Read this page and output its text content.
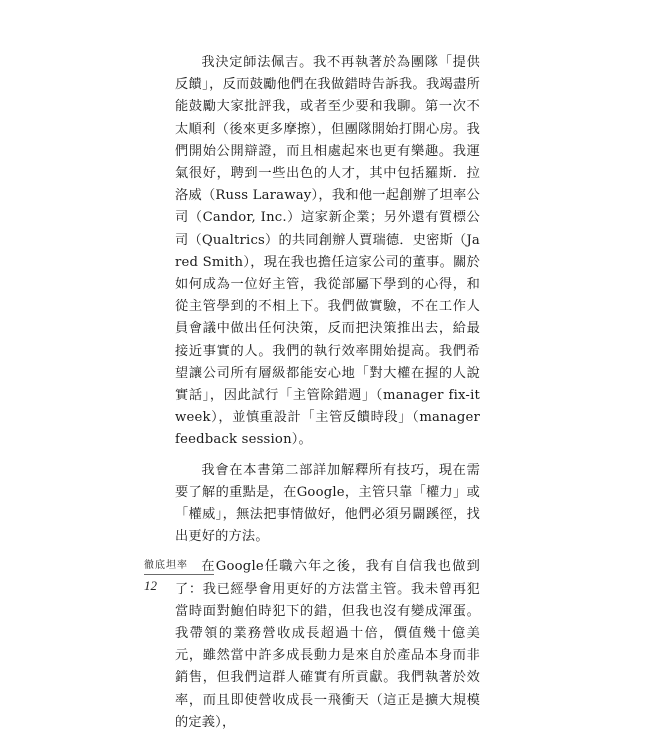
我決定師法佩吉。我不再執著於為團隊「提供反饋」，反而鼓勵他們在我做錯時告訴我。我竭盡所能鼓勵大家批評我，或者至少要和我聊。第一次不太順利（後來更多摩擦），但團隊開始打開心房。我們開始公開辯證，而且相處起來也更有樂趣。我運氣很好，聘到一些出色的人才，其中包括羅斯．拉洛威（Russ Laraway），我和他一起創辦了坦率公司（Candor, Inc.）這家新企業；另外還有質標公司（Qualtrics）的共同創辦人賈瑞德．史密斯（Jared Smith），現在我也擔任這家公司的董事。關於如何成為一位好主管，我從部屬下學到的心得，和從主管學到的不相上下。我們做實驗，不在工作人員會議中做出任何決策，反而把決策推出去，給最接近事實的人。我們的執行效率開始提高。我們希望讓公司所有層級都能安心地「對大權在握的人說實話」，因此試行「主管除錯週」（manager fix-it week），並慎重設計「主管反饋時段」（manager feedback session）。

我會在本書第二部詳加解釋所有技巧，現在需要了解的重點是，在Google，主管只靠「權力」或「權威」，無法把事情做好，他們必須另闢蹊徑，找出更好的方法。

在Google任職六年之後，我有自信我也做到了：我已經學會用更好的方法當主管。我未曾再犯當時面對鮑伯時犯下的錯，但我也沒有變成渾蛋。我帶領的業務營收成長超過十倍，價值幾十億美元，雖然當中許多成長動力是來自於產品本身而非銷售，但我們這群人確實有所貢獻。我們執著於效率，而且即使營收成長一飛衝天（這正是擴大規模的定義），

徹底坦率
12
